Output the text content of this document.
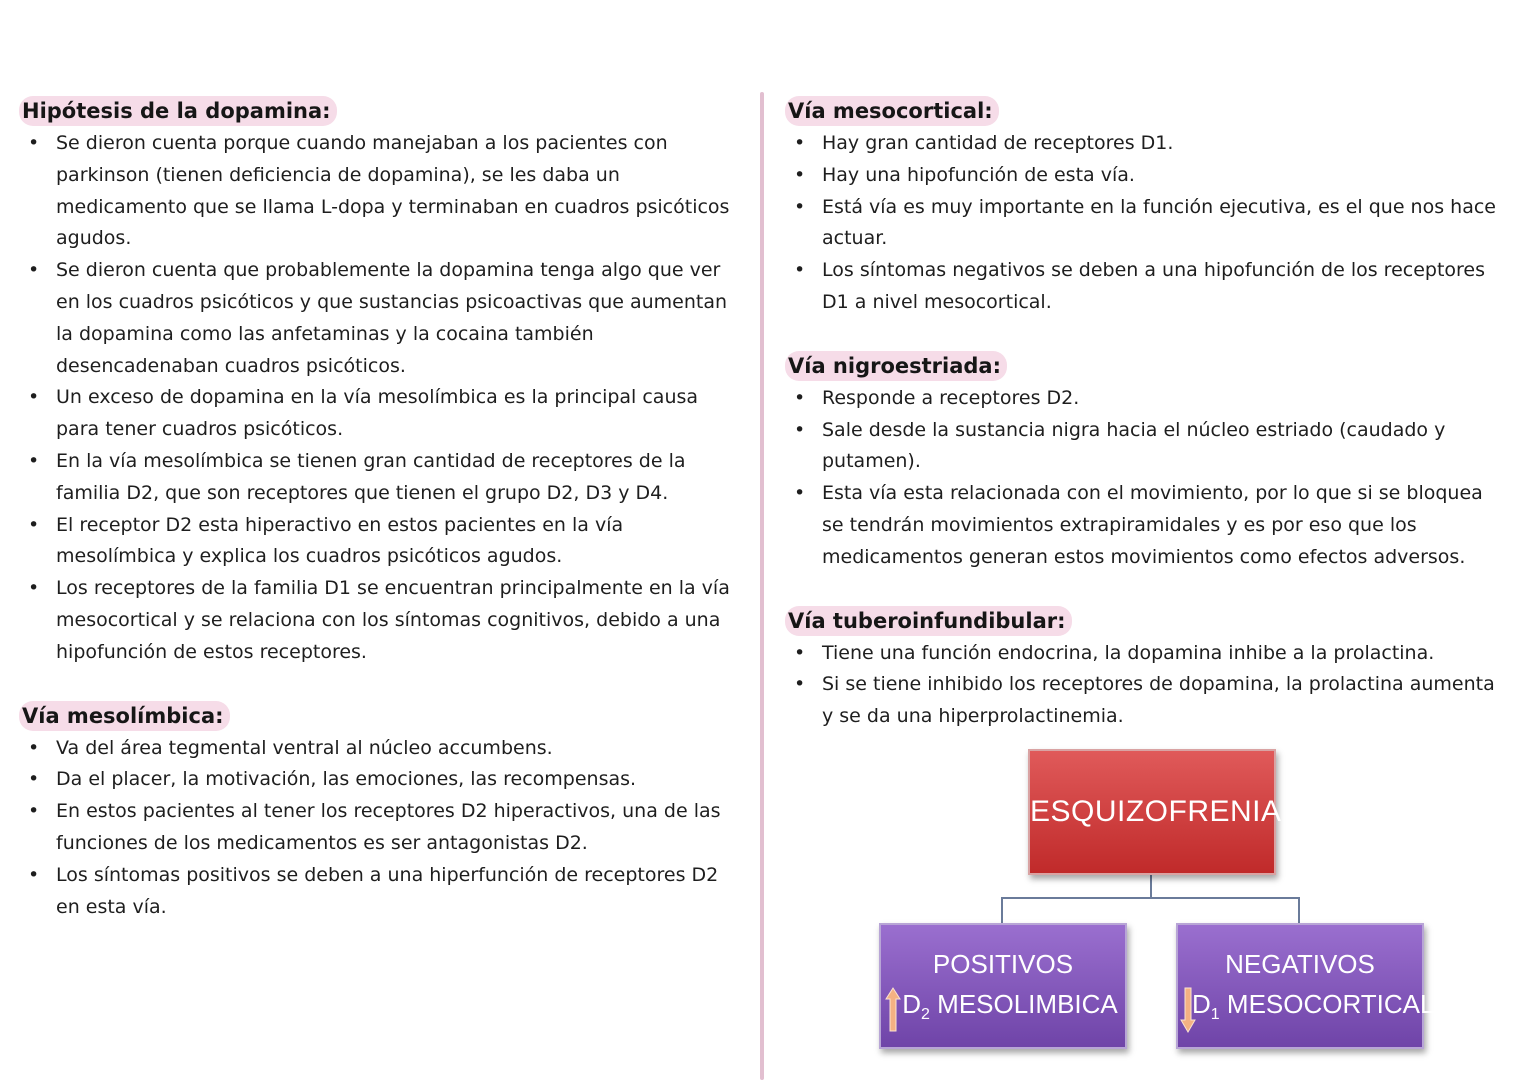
Hipótesis de la dopamina:
• Se dieron cuenta porque cuando manejaban a los pacientes con parkinson (tienen deficiencia de dopamina), se les daba un medicamento que se llama L-dopa y terminaban en cuadros psicóticos agudos.
• Se dieron cuenta que probablemente la dopamina tenga algo que ver en los cuadros psicóticos y que sustancias psicoactivas que aumentan la dopamina como las anfetaminas y la cocaina también desencadenaban cuadros psicóticos.
• Un exceso de dopamina en la vía mesolímbica es la principal causa para tener cuadros psicóticos.
• En la vía mesolímbica se tienen gran cantidad de receptores de la familia D2, que son receptores que tienen el grupo D2, D3 y D4.
• El receptor D2 esta hiperactivo en estos pacientes en la vía mesolímbica y explica los cuadros psicóticos agudos.
• Los receptores de la familia D1 se encuentran principalmente en la vía mesocortical y se relaciona con los síntomas cognitivos, debido a una hipofunción de estos receptores.
Vía mesolímbica:
• Va del área tegmental ventral al núcleo accumbens.
• Da el placer, la motivación, las emociones, las recompensas.
• En estos pacientes al tener los receptores D2 hiperactivos, una de las funciones de los medicamentos es ser antagonistas D2.
• Los síntomas positivos se deben a una hiperfunción de receptores D2 en esta vía.
Vía mesocortical:
• Hay gran cantidad de receptores D1.
• Hay una hipofunción de esta vía.
• Está vía es muy importante en la función ejecutiva, es el que nos hace actuar.
• Los síntomas negativos se deben a una hipofunción de los receptores D1 a nivel mesocortical.
Vía nigroestriada:
• Responde a receptores D2.
• Sale desde la sustancia nigra hacia el núcleo estriado (caudado y putamen).
• Esta vía esta relacionada con el movimiento, por lo que si se bloquea se tendrán movimientos extrapiramidales y es por eso que los medicamentos generan estos movimientos como efectos adversos.
Vía tuberoinfundibular:
• Tiene una función endocrina, la dopamina inhibe a la prolactina.
• Si se tiene inhibido los receptores de dopamina, la prolactina aumenta y se da una hiperprolactinemia.
ESQUIZOFRENIA
POSITIVOS
$D_2$ MESOLIMBICA
NEGATIVOS
$D_1$ MESOCORTICAL
